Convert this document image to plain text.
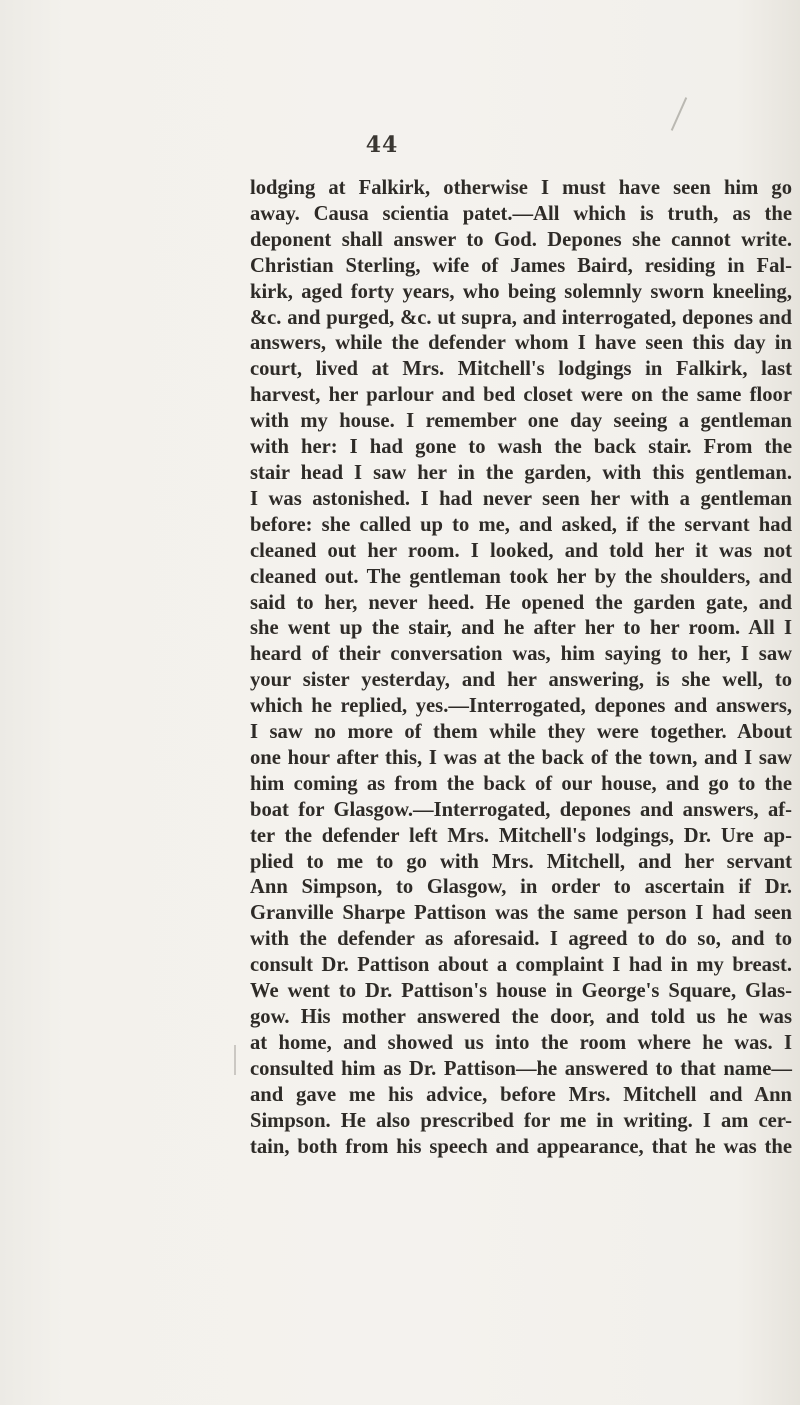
44
lodging at Falkirk, otherwise I must have seen him go
away. Causa scientia patet.—All which is truth, as the
deponent shall answer to God. Depones she cannot write.
Christian Sterling, wife of James Baird, residing in Fal-
kirk, aged forty years, who being solemnly sworn kneeling,
&c. and purged, &c. ut supra, and interrogated, depones and
answers, while the defender whom I have seen this day in
court, lived at Mrs. Mitchell's lodgings in Falkirk, last
harvest, her parlour and bed closet were on the same floor
with my house. I remember one day seeing a gentleman
with her: I had gone to wash the back stair. From the
stair head I saw her in the garden, with this gentleman.
I was astonished. I had never seen her with a gentleman
before: she called up to me, and asked, if the servant had
cleaned out her room. I looked, and told her it was not
cleaned out. The gentleman took her by the shoulders, and
said to her, never heed. He opened the garden gate, and
she went up the stair, and he after her to her room. All I
heard of their conversation was, him saying to her, I saw
your sister yesterday, and her answering, is she well, to
which he replied, yes.—Interrogated, depones and answers,
I saw no more of them while they were together. About
one hour after this, I was at the back of the town, and I saw
him coming as from the back of our house, and go to the
boat for Glasgow.—Interrogated, depones and answers, af-
ter the defender left Mrs. Mitchell's lodgings, Dr. Ure ap-
plied to me to go with Mrs. Mitchell, and her servant
Ann Simpson, to Glasgow, in order to ascertain if Dr.
Granville Sharpe Pattison was the same person I had seen
with the defender as aforesaid. I agreed to do so, and to
consult Dr. Pattison about a complaint I had in my breast.
We went to Dr. Pattison's house in George's Square, Glas-
gow. His mother answered the door, and told us he was
at home, and showed us into the room where he was. I
consulted him as Dr. Pattison—he answered to that name—
and gave me his advice, before Mrs. Mitchell and Ann
Simpson. He also prescribed for me in writing. I am cer-
tain, both from his speech and appearance, that he was the
